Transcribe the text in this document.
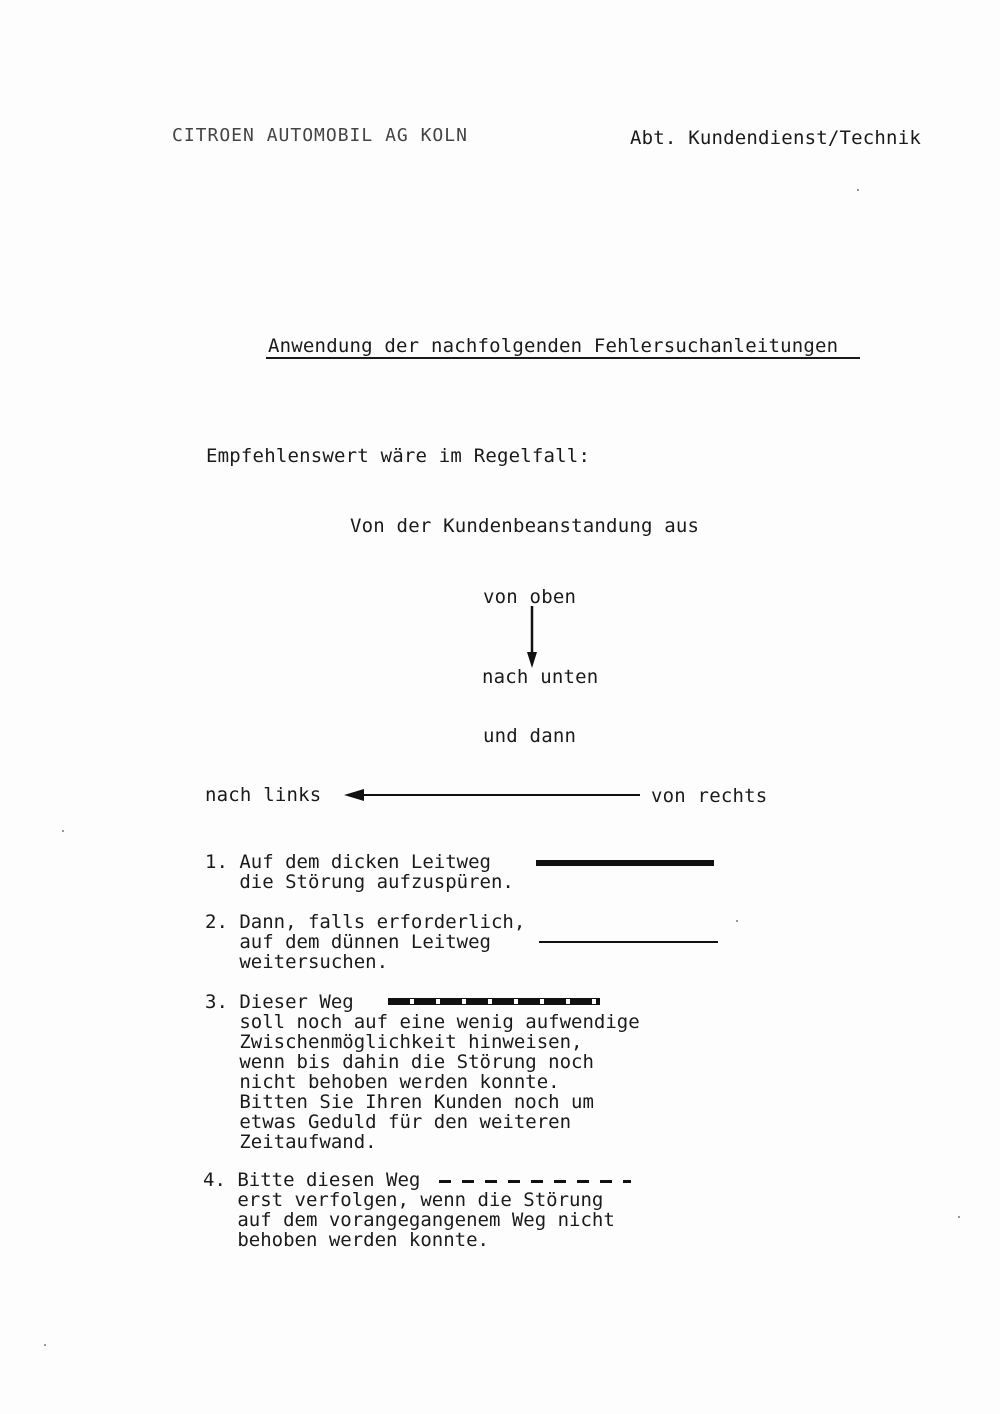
CITROEN AUTOMOBIL AG KOLN	Abt. Kundendienst/Technik
Anwendung der nachfolgenden Fehlersuchanleitungen
Empfehlenswert wäre im Regelfall:
Von der Kundenbeanstandung aus
von oben
nach unten
und dann
nach links	von rechts
1. Auf dem dicken Leitweg
die Störung aufzuspüren.
2. Dann, falls erforderlich,
auf dem dünnen Leitweg
weitersuchen.
3. Dieser Weg
soll noch auf eine wenig aufwendige
Zwischenmöglichkeit hinweisen,
wenn bis dahin die Störung noch
nicht behoben werden konnte.
Bitten Sie Ihren Kunden noch um
etwas Geduld für den weiteren
Zeitaufwand.
4. Bitte diesen Weg
erst verfolgen, wenn die Störung
auf dem vorangegangenem Weg nicht
behoben werden konnte.
